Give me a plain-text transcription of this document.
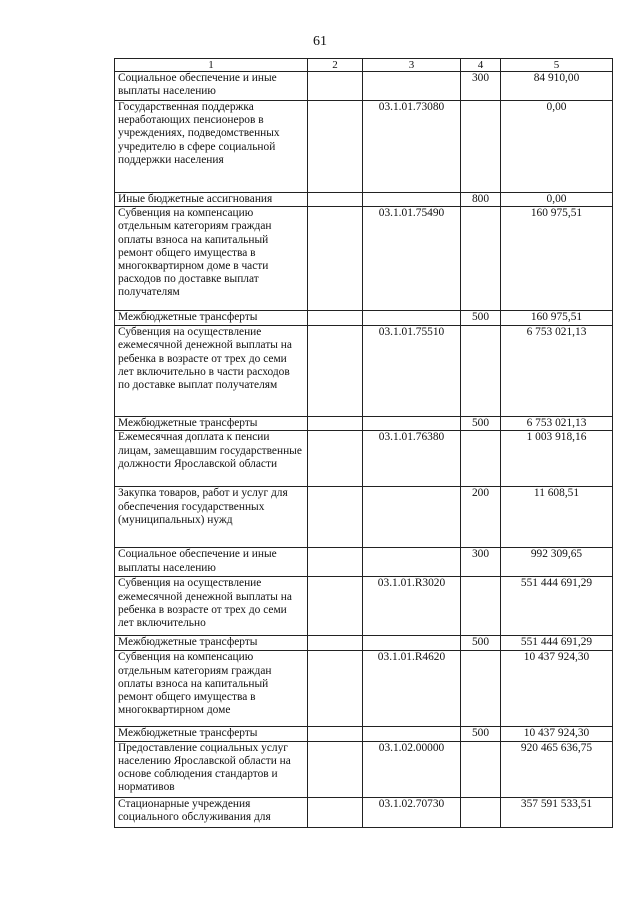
61
1	2	3	4	5
Социальное обеспечение и иные выплаты населению			300	84 910,00
Государственная поддержка неработающих пенсионеров в учреждениях, подведомственных учредителю в сфере социальной поддержки населения		03.1.01.73080		0,00
Иные бюджетные ассигнования			800	0,00
Субвенция на компенсацию отдельным категориям граждан оплаты взноса на капитальный ремонт общего имущества в многоквартирном доме в части расходов по доставке выплат получателям		03.1.01.75490		160 975,51
Межбюджетные трансферты			500	160 975,51
Субвенция на осуществление ежемесячной денежной выплаты на ребенка в возрасте от трех до семи лет включительно в части расходов по доставке выплат получателям		03.1.01.75510		6 753 021,13
Межбюджетные трансферты			500	6 753 021,13
Ежемесячная доплата к пенсии лицам, замещавшим государственные должности Ярославской области		03.1.01.76380		1 003 918,16
Закупка товаров, работ и услуг для обеспечения государственных (муниципальных) нужд			200	11 608,51
Социальное обеспечение и иные выплаты населению			300	992 309,65
Субвенция на осуществление ежемесячной денежной выплаты на ребенка в возрасте от трех до семи лет включительно		03.1.01.R3020		551 444 691,29
Межбюджетные трансферты			500	551 444 691,29
Субвенция на компенсацию отдельным категориям граждан оплаты взноса на капитальный ремонт общего имущества в многоквартирном доме		03.1.01.R4620		10 437 924,30
Межбюджетные трансферты			500	10 437 924,30
Предоставление социальных услуг населению Ярославской области на основе соблюдения стандартов и нормативов		03.1.02.00000		920 465 636,75
Стационарные учреждения социального обслуживания для		03.1.02.70730		357 591 533,51
